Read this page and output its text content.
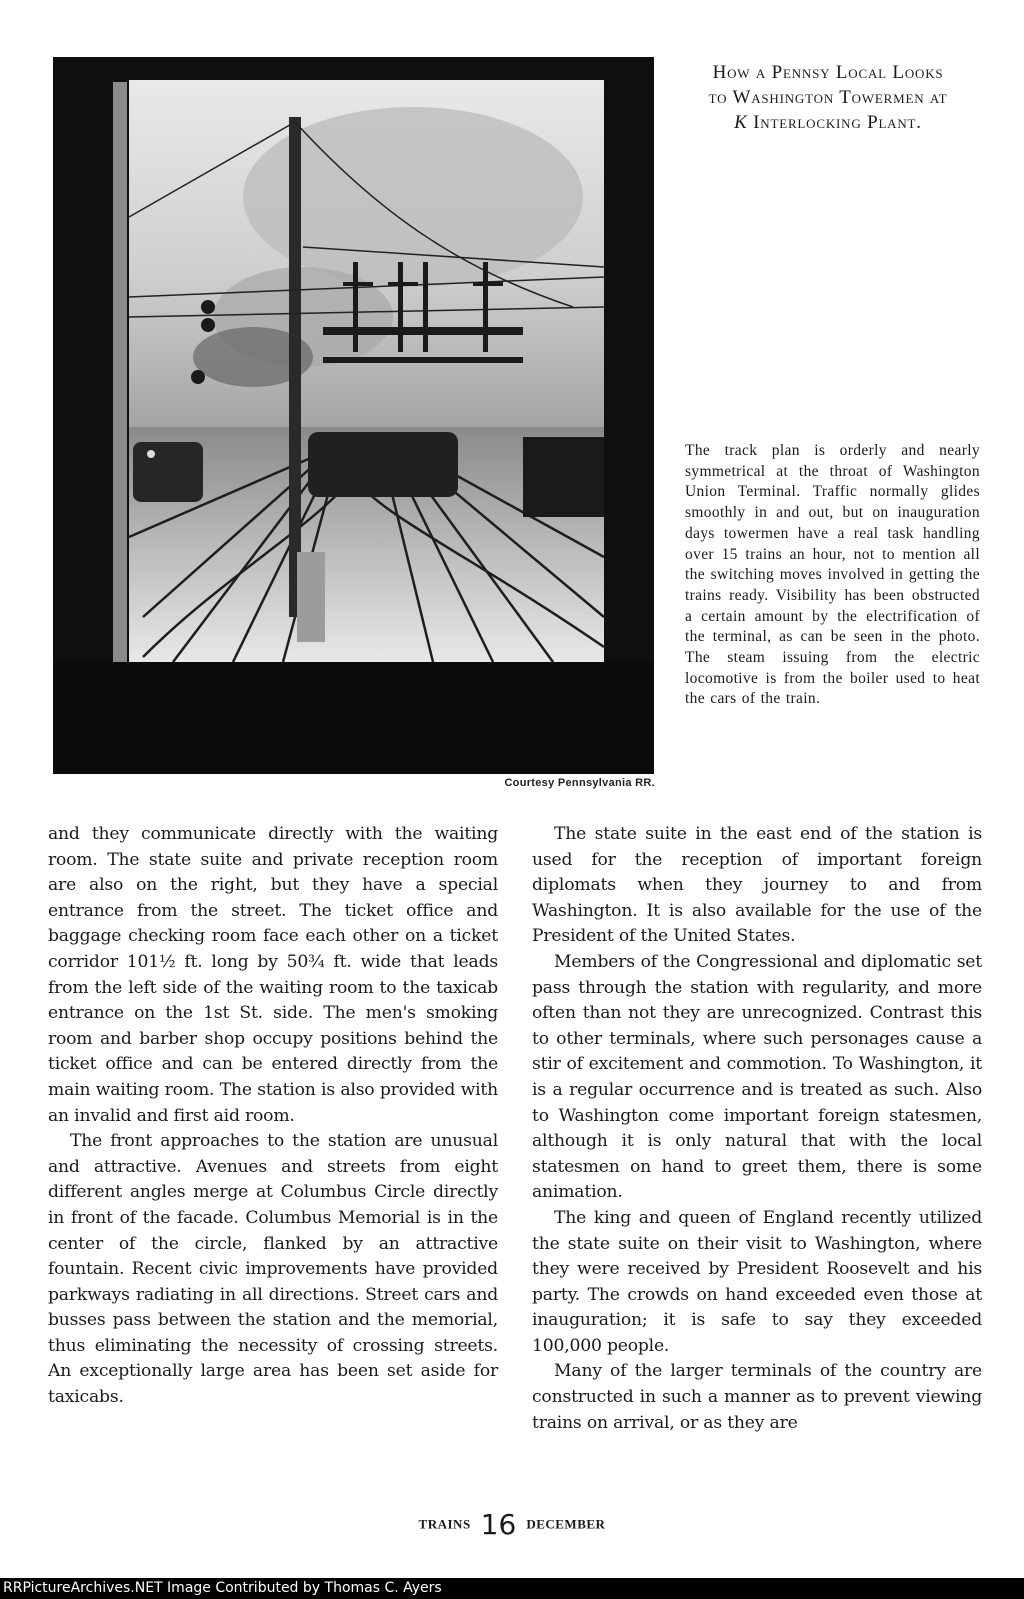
Courtesy Pennsylvania RR.
How a Pennsy Local Looks
to Washington Towermen at
K Interlocking Plant.
The track plan is orderly and nearly symmetrical at the throat of Washington Union Terminal. Traffic normally glides smoothly in and out, but on inauguration days towermen have a real task handling over 15 trains an hour, not to mention all the switching moves involved in getting the trains ready. Visibility has been obstructed a certain amount by the electrification of the terminal, as can be seen in the photo. The steam issuing from the electric locomotive is from the boiler used to heat the cars of the train.

and they communicate directly with the waiting room. The state suite and private reception room are also on the right, but they have a special entrance from the street. The ticket office and baggage checking room face each other on a ticket corridor 101½ ft. long by 50¾ ft. wide that leads from the left side of the waiting room to the taxicab entrance on the 1st St. side. The men's smoking room and barber shop occupy positions behind the ticket office and can be entered directly from the main waiting room. The station is also provided with an invalid and first aid room.

The front approaches to the station are unusual and attractive. Avenues and streets from eight different angles merge at Columbus Circle directly in front of the facade. Columbus Memorial is in the center of the circle, flanked by an attractive fountain. Recent civic improvements have provided parkways radiating in all directions. Street cars and busses pass between the station and the memorial, thus eliminating the necessity of crossing streets. An exceptionally large area has been set aside for taxicabs.

The state suite in the east end of the station is used for the reception of important foreign diplomats when they journey to and from Washington. It is also available for the use of the President of the United States.

Members of the Congressional and diplomatic set pass through the station with regularity, and more often than not they are unrecognized. Contrast this to other terminals, where such personages cause a stir of excitement and commotion. To Washington, it is a regular occurrence and is treated as such. Also to Washington come important foreign statesmen, although it is only natural that with the local statesmen on hand to greet them, there is some animation.

The king and queen of England recently utilized the state suite on their visit to Washington, where they were received by President Roosevelt and his party. The crowds on hand exceeded even those at inauguration; it is safe to say they exceeded 100,000 people.

Many of the larger terminals of the country are constructed in such a manner as to prevent viewing trains on arrival, or as they are

TRAINS 16 DECEMBER
RRPictureArchives.NET Image Contributed by Thomas C. Ayers
